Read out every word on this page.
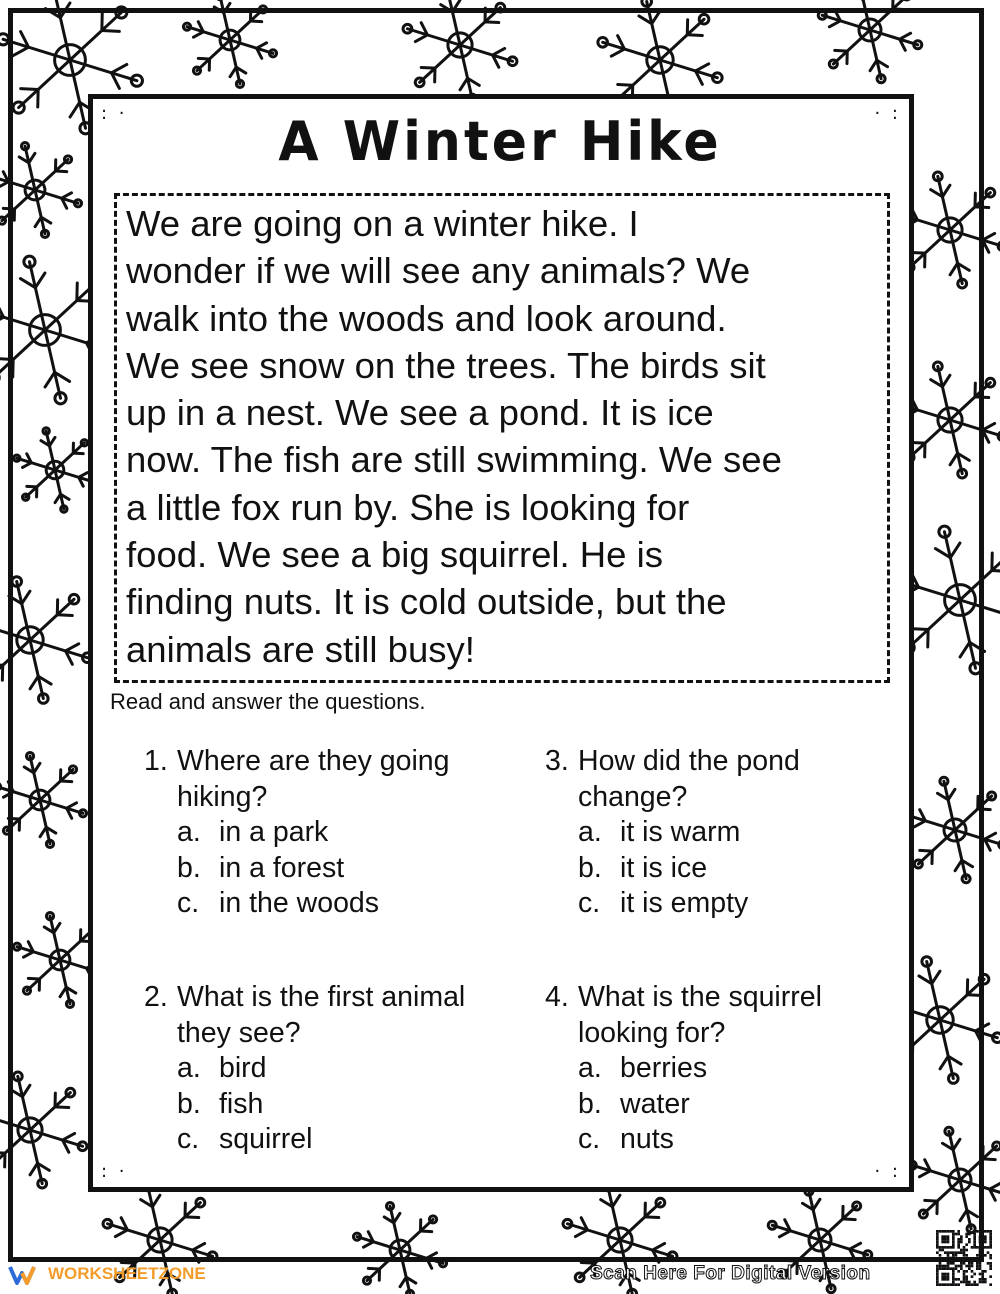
: ·	· :
: ·	· :
A Winter Hike
We are going on a winter hike. I
wonder if we will see any animals? We
walk into the woods and look around.
We see snow on the trees. The birds sit
up in a nest. We see a pond. It is ice
now. The fish are still swimming. We see
a little fox run by. She is looking for
food. We see a big squirrel. He is
finding nuts. It is cold outside, but the
animals are still busy!

Read and answer the questions.

1. Where are they going
hiking?
a. in a park
b. in a forest
c. in the woods
2. What is the first animal
they see?
a. bird
b. fish
c. squirrel
3. How did the pond
change?
a. it is warm
b. it is ice
c. it is empty
4. What is the squirrel
looking for?
a. berries
b. water
c. nuts
WORKSHEETZONE	Scan Here For Digital Version
